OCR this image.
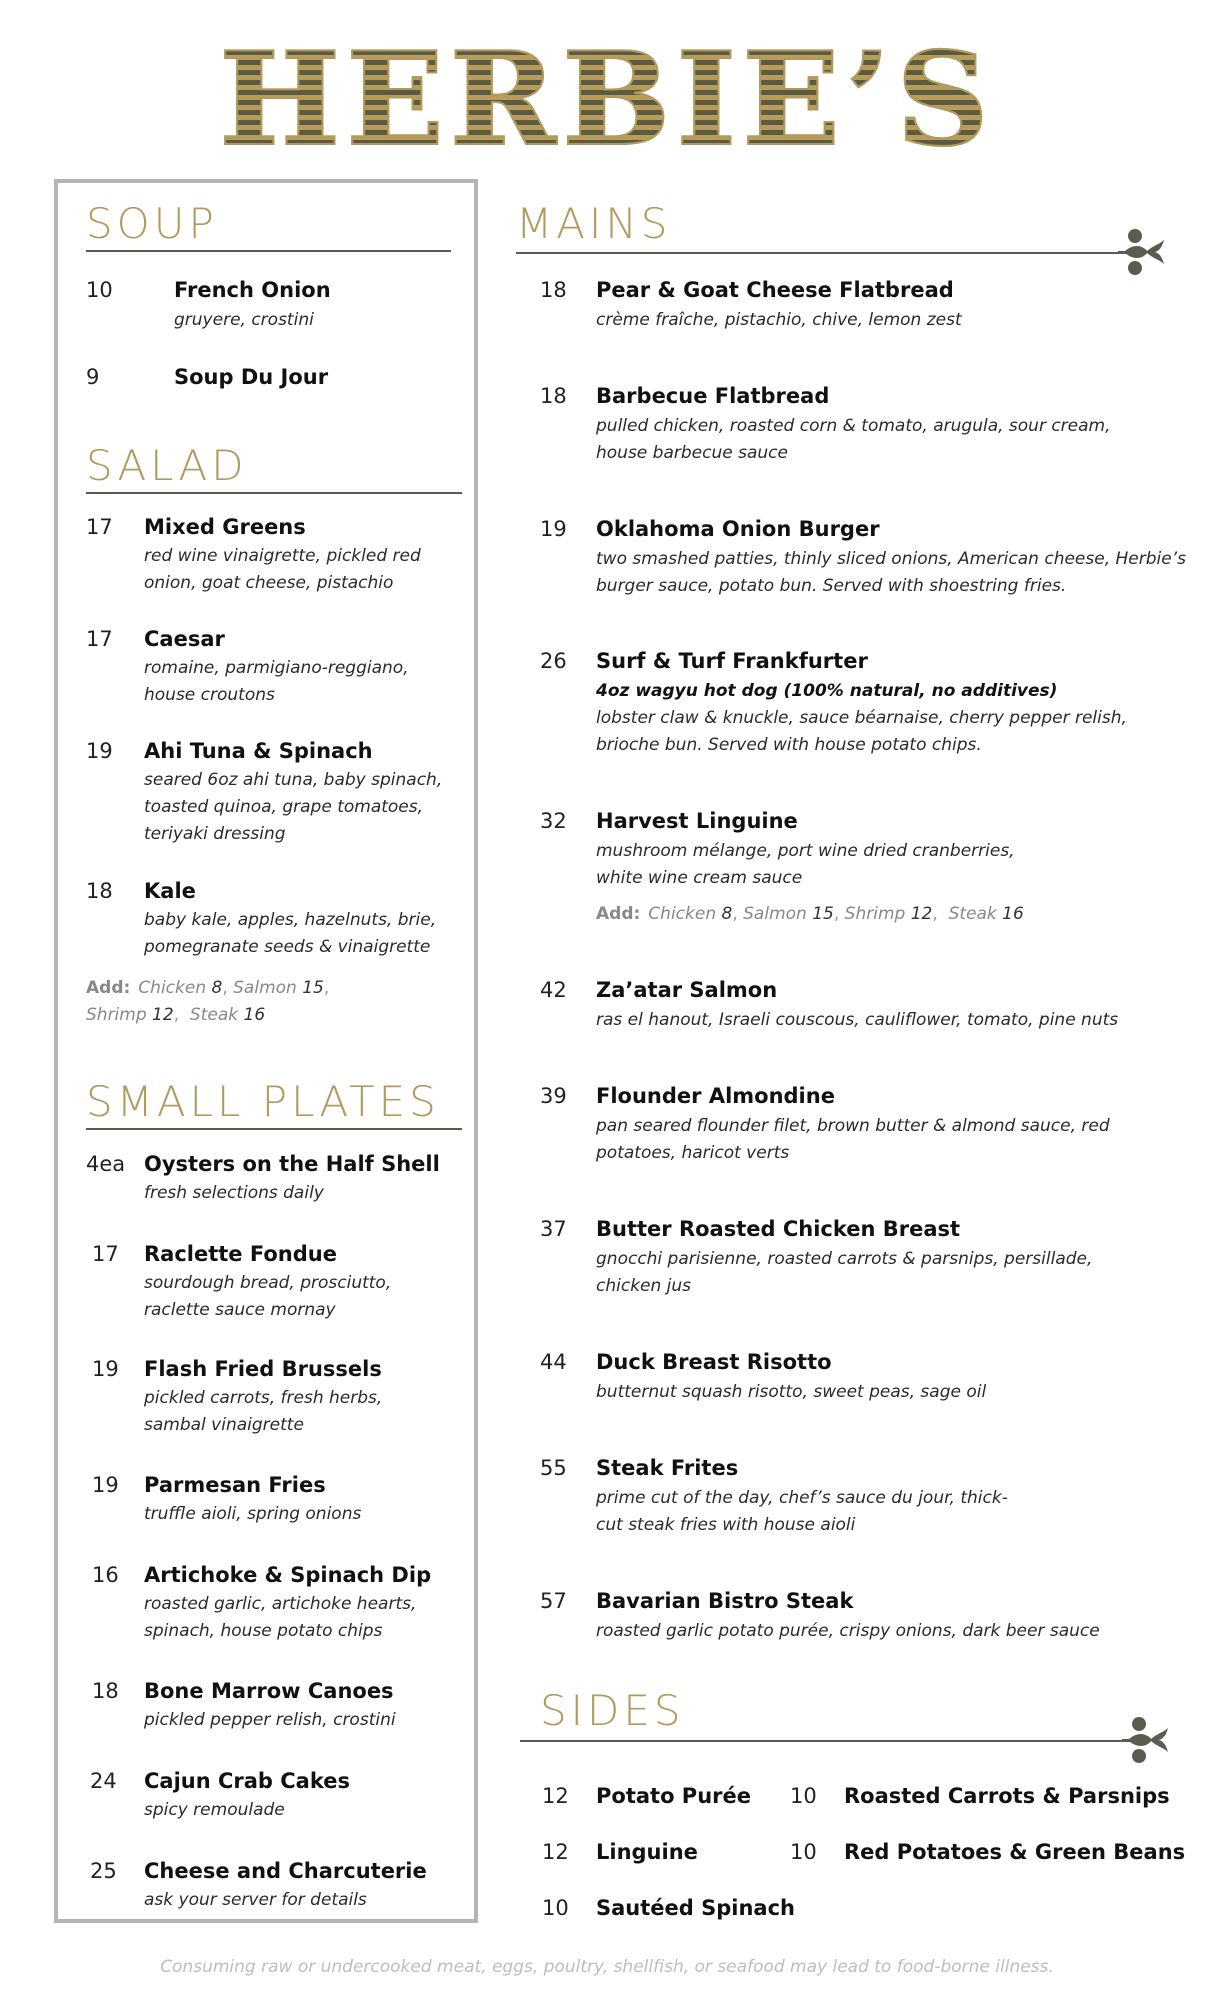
HERBIE’S
SOUP
10	French Onion
gruyere, crostini
9	Soup Du Jour
SALAD
17 Mixed Greens
red wine vinaigrette, pickled red onion, goat cheese, pistachio
17 Caesar
romaine, parmigiano-reggiano, house croutons
19 Ahi Tuna & Spinach
seared 6oz ahi tuna, baby spinach, toasted quinoa, grape tomatoes, teriyaki dressing
18 Kale
baby kale, apples, hazelnuts, brie, pomegranate seeds & vinaigrette
Add: Chicken 8, Salmon 15,
Shrimp 12,  Steak 16
SMALL PLATES
4ea Oysters on the Half Shell
fresh selections daily
17 Raclette Fondue
sourdough bread, prosciutto, raclette sauce mornay
19 Flash Fried Brussels
pickled carrots, fresh herbs, sambal vinaigrette
19 Parmesan Fries
truffle aioli, spring onions
16 Artichoke & Spinach Dip
roasted garlic, artichoke hearts, spinach, house potato chips
18 Bone Marrow Canoes
pickled pepper relish, crostini
24 Cajun Crab Cakes
spicy remoulade
25 Cheese and Charcuterie
ask your server for details
MAINS
18 Pear & Goat Cheese Flatbread
crème fraîche, pistachio, chive, lemon zest
18 Barbecue Flatbread
pulled chicken, roasted corn & tomato, arugula, sour cream, house barbecue sauce
19 Oklahoma Onion Burger
two smashed patties, thinly sliced onions, American cheese, Herbie’s burger sauce, potato bun. Served with shoestring fries.
26 Surf & Turf Frankfurter
4oz wagyu hot dog (100% natural, no additives)
lobster claw & knuckle, sauce béarnaise, cherry pepper relish, brioche bun. Served with house potato chips.
32 Harvest Linguine
mushroom mélange, port wine dried cranberries, white wine cream sauce
Add: Chicken 8, Salmon 15, Shrimp 12,  Steak 16
42 Za’atar Salmon
ras el hanout, Israeli couscous, cauliflower, tomato, pine nuts
39 Flounder Almondine
pan seared flounder filet, brown butter & almond sauce, red potatoes, haricot verts
37 Butter Roasted Chicken Breast
gnocchi parisienne, roasted carrots & parsnips, persillade, chicken jus
44 Duck Breast Risotto
butternut squash risotto, sweet peas, sage oil
55 Steak Frites
prime cut of the day, chef’s sauce du jour, thick-cut steak fries with house aioli
57 Bavarian Bistro Steak
roasted garlic potato purée, crispy onions, dark beer sauce
SIDES
12 Potato Purée 10 Roasted Carrots & Parsnips
12 Linguine	10 Red Potatoes & Green Beans
10 Sautéed Spinach
Consuming raw or undercooked meat, eggs, poultry, shellfish, or seafood may lead to food-borne illness.
